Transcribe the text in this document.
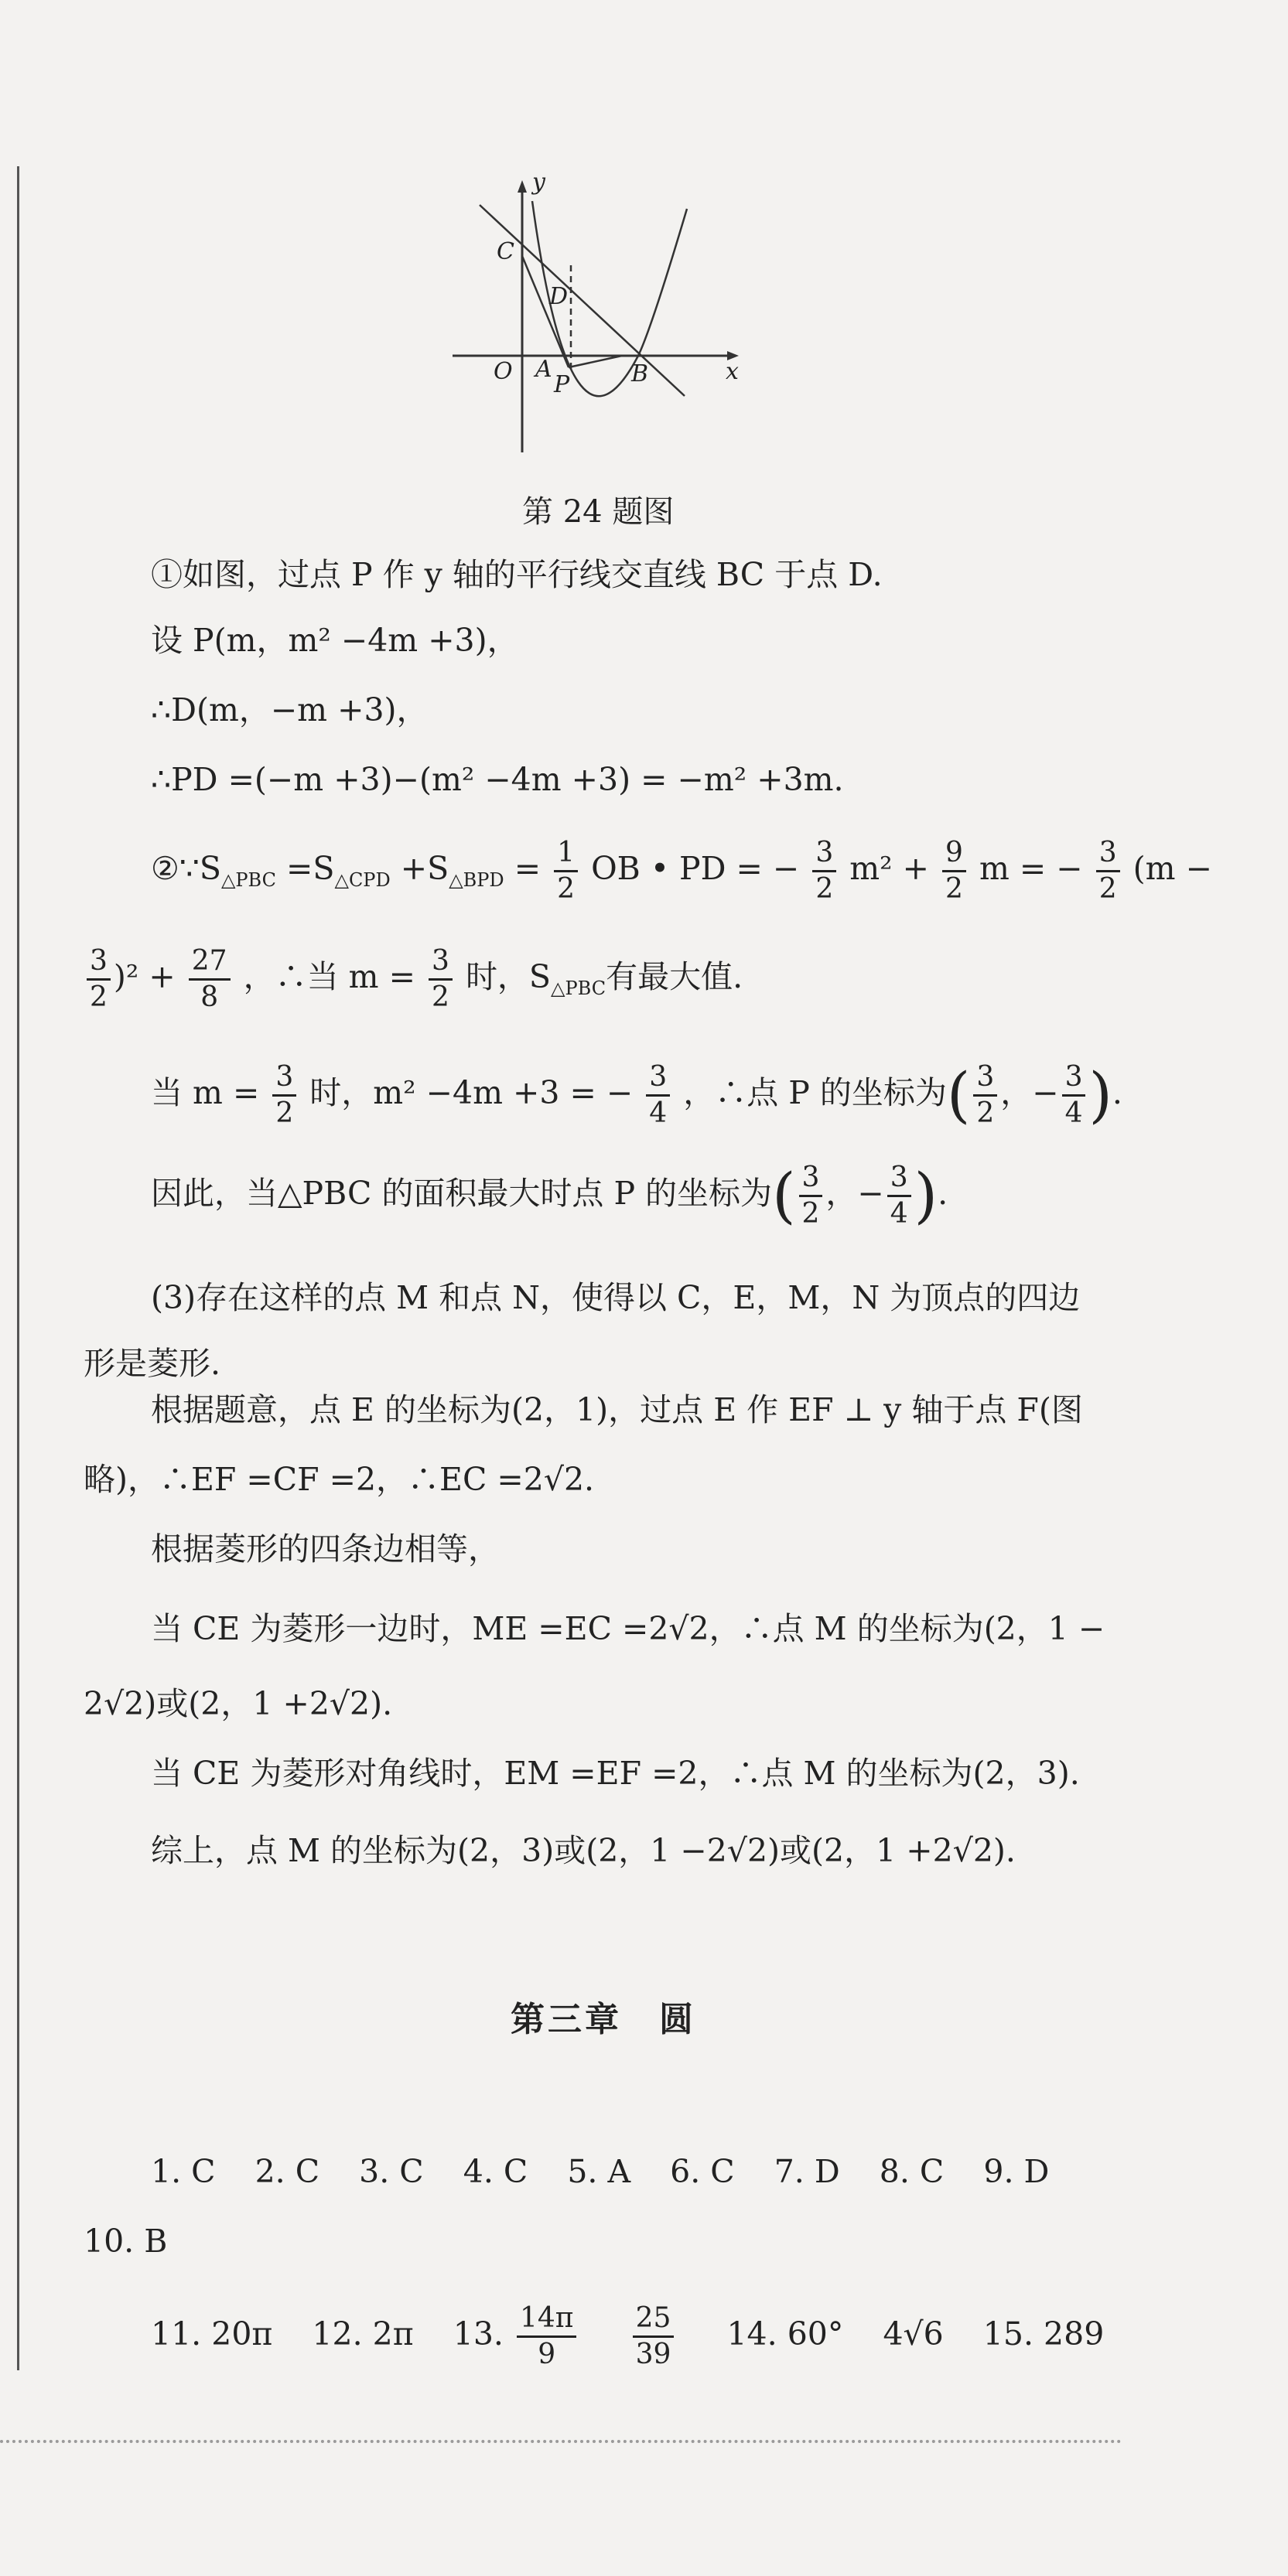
y
x
O
C
D
A
P	B
第 24 题图
①如图，过点 P 作 y 轴的平行线交直线 BC 于点 D.
设 P(m，m² −4m +3)，
∴D(m，−m +3)，
∴PD =(−m +3)−(m² −4m +3) = −m² +3m.
$②\because S_{\triangle PBC} =S_{\triangle CPD} +S_{\triangle BPD} = \frac{1}{2}$ OB • PD = − $\frac{3}{2} m^2 + \frac{9}{2}$ m = − $\frac{3}{2} (m$ −
$\frac{3}{2} )^2 + \frac{27}{8}$ ，∴当 $m = \frac{3}{2}$ 时，$S_{\triangle PBC}$有最大值.
当 $m = \frac{3}{2}$ 时，m² −4m +3 = − $\frac{3}{4}$ ，∴点 P 的坐标为( $\frac{3}{2}$ ，− $\frac{3}{4}$ ).
因此，当△PBC 的面积最大时点 P 的坐标为( $\frac{3}{2}$ ，− $\frac{3}{4}$ ).
(3)存在这样的点 M 和点 N，使得以 C，E，M，N 为顶点的四边
形是菱形.
根据题意，点 E 的坐标为(2，1)，过点 E 作 EF ⊥ y 轴于点 F(图
略)，∴EF =CF =2，∴EC =2√2.
根据菱形的四条边相等，
当 CE 为菱形一边时，ME =EC =2√2，∴点 M 的坐标为(2，1 −
2√2)或(2，1 +2√2).
当 CE 为菱形对角线时，EM =EF =2，∴点 M 的坐标为(2，3).
综上，点 M 的坐标为(2，3)或(2，1 −2√2)或(2，1 +2√2).
第三章　圆
1. C 2. C 3. C 4. C 5. A 6. C 7. D 8. C 9. D
10. B
11. 20π 12. 2π 13. $\frac{14\pi}{9}$
$\frac{25}{39} 14$. 60° 4√6 15. 289
